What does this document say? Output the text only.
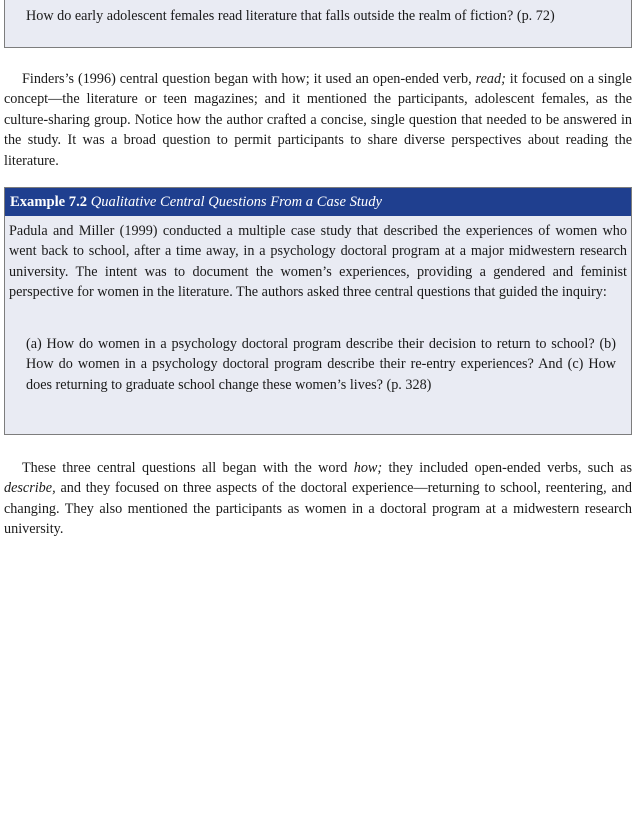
How do early adolescent females read literature that falls outside the realm of fiction? (p. 72)

Finders’s (1996) central question began with how; it used an open-ended verb, read; it focused on a single concept—the literature or teen magazines; and it mentioned the participants, adolescent females, as the culture-sharing group. Notice how the author crafted a concise, single question that needed to be answered in the study. It was a broad question to permit participants to share diverse perspectives about reading the literature.

Example 7.2 Qualitative Central Questions From a Case Study

Padula and Miller (1999) conducted a multiple case study that described the experiences of women who went back to school, after a time away, in a psychology doctoral program at a major midwestern research university. The intent was to document the women’s experiences, providing a gendered and feminist perspective for women in the literature. The authors asked three central questions that guided the inquiry:

(a) How do women in a psychology doctoral program describe their decision to return to school? (b) How do women in a psychology doctoral program describe their re-entry experiences? And (c) How does returning to graduate school change these women’s lives? (p. 328)

These three central questions all began with the word how; they included open-ended verbs, such as describe, and they focused on three aspects of the doctoral experience—returning to school, reentering, and changing. They also mentioned the participants as women in a doctoral program at a midwestern research university.
